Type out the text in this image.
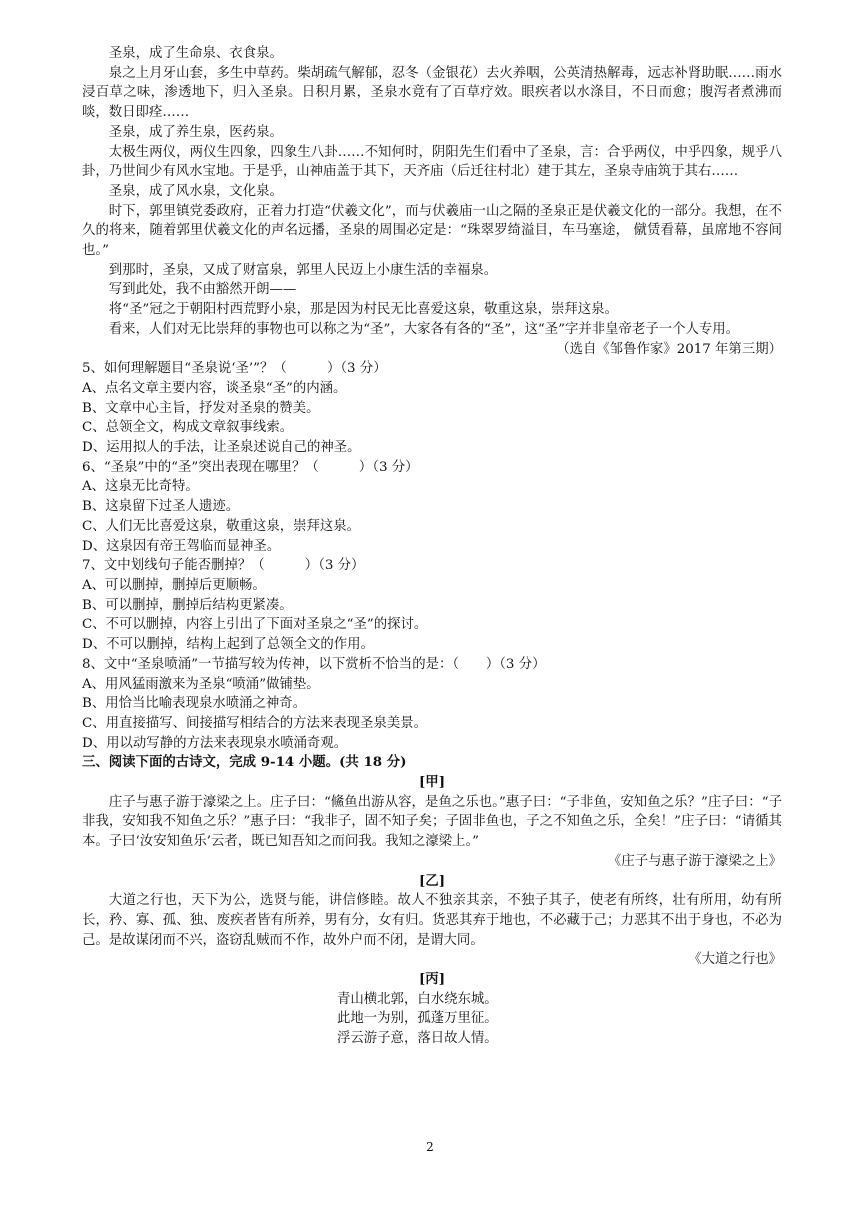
圣泉，成了生命泉、衣食泉。

泉之上月牙山套，多生中草药。柴胡疏气解郁，忍冬（金银花）去火养咽，公英清热解毒，远志补肾助眠……雨水浸百草之味，渗透地下，归入圣泉。日积月累，圣泉水竟有了百草疗效。眼疾者以水涤目，不日而愈；腹泻者煮沸而啖，数日即痊……

圣泉，成了养生泉，医药泉。

太极生两仪，两仪生四象，四象生八卦……不知何时，阴阳先生们看中了圣泉，言：合乎两仪，中乎四象，规乎八卦，乃世间少有风水宝地。于是乎，山神庙盖于其下，天齐庙（后迁往村北）建于其左，圣泉寺庙筑于其右……

圣泉，成了风水泉，文化泉。

时下，郭里镇党委政府，正着力打造“伏羲文化”，而与伏羲庙一山之隔的圣泉正是伏羲文化的一部分。我想，在不久的将来，随着郭里伏羲文化的声名远播，圣泉的周围必定是：“珠翠罗绮溢目，车马塞途， 僦赁看幕，虽席地不容间也。”

到那时，圣泉，又成了财富泉，郭里人民迈上小康生活的幸福泉。

写到此处，我不由豁然开朗——

将“圣”冠之于朝阳村西荒野小泉，那是因为村民无比喜爱这泉，敬重这泉，崇拜这泉。

看来，人们对无比崇拜的事物也可以称之为“圣”，大家各有各的“圣”，这“圣”字并非皇帝老子一个人专用。

（选自《邹鲁作家》2017 年第三期）

5、如何理解题目“圣泉说‘圣’”？（　　　）（3 分）

A、点名文章主要内容，谈圣泉“圣”的内涵。

B、文章中心主旨，抒发对圣泉的赞美。

C、总领全文，构成文章叙事线索。

D、运用拟人的手法，让圣泉述说自己的神圣。

6、“圣泉”中的“圣”突出表现在哪里？（　　　）（3 分）

A、这泉无比奇特。

B、这泉留下过圣人遗迹。

C、人们无比喜爱这泉，敬重这泉，崇拜这泉。

D、这泉因有帝王驾临而显神圣。

7、文中划线句子能否删掉？（　　　）（3 分）

A、可以删掉，删掉后更顺畅。

B、可以删掉，删掉后结构更紧凑。

C、不可以删掉，内容上引出了下面对圣泉之“圣”的探讨。

D、不可以删掉，结构上起到了总领全文的作用。

8、文中“圣泉喷涌”一节描写较为传神，以下赏析不恰当的是：（　　）（3 分）

A、用风猛雨激来为圣泉“喷涌”做铺垫。

B、用恰当比喻表现泉水喷涌之神奇。

C、用直接描写、间接描写相结合的方法来表现圣泉美景。

D、用以动写静的方法来表现泉水喷涌奇观。

三、阅读下面的古诗文，完成 9-14 小题。(共 18 分)

[甲]

庄子与惠子游于濠梁之上。庄子曰：“鯈鱼出游从容，是鱼之乐也。”惠子曰：“子非鱼，安知鱼之乐？”庄子曰：“子非我，安知我不知鱼之乐？”惠子曰：“我非子，固不知子矣；子固非鱼也，子之不知鱼之乐，全矣！”庄子曰：“请循其本。子曰‘汝安知鱼乐’云者，既已知吾知之而问我。我知之濠梁上。”

《庄子与惠子游于濠梁之上》

[乙]

大道之行也，天下为公，选贤与能，讲信修睦。故人不独亲其亲，不独子其子，使老有所终，壮有所用，幼有所长，矜、寡、孤、独、废疾者皆有所养，男有分，女有归。货恶其弃于地也，不必藏于己；力恶其不出于身也，不必为己。是故谋闭而不兴，盗窃乱贼而不作，故外户而不闭，是谓大同。

《大道之行也》

[丙]

青山横北郭，白水绕东城。

此地一为别，孤蓬万里征。

浮云游子意，落日故人情。

2
